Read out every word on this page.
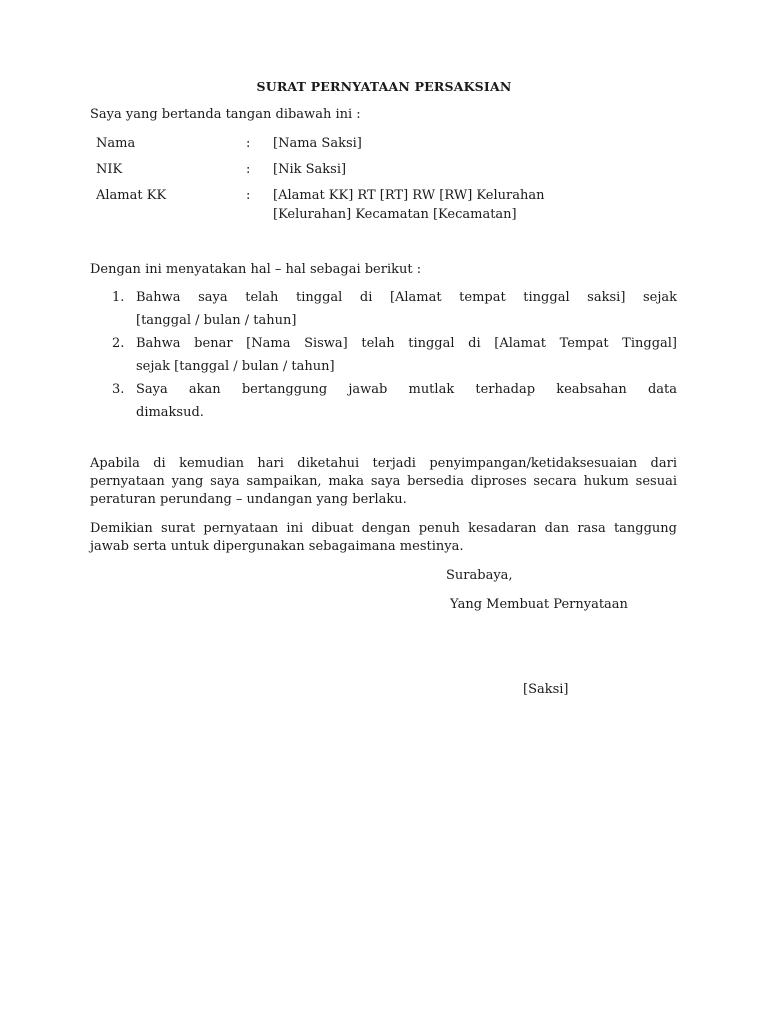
SURAT PERNYATAAN PERSAKSIAN
Saya yang bertanda tangan dibawah ini :
Nama	: [Nama Saksi]
NIK	: [Nik Saksi]
Alamat KK	: [Alamat KK] RT [RT] RW [RW] Kelurahan
[Kelurahan] Kecamatan [Kecamatan]
Dengan ini menyatakan hal – hal sebagai berikut :
1. Bahwa saya telah tinggal di [Alamat tempat tinggal saksi] sejak
[tanggal / bulan / tahun]
2. Bahwa benar [Nama Siswa] telah tinggal di [Alamat Tempat Tinggal]
sejak [tanggal / bulan / tahun]
3. Saya akan bertanggung jawab mutlak terhadap keabsahan data
dimaksud.
Apabila di kemudian hari diketahui terjadi penyimpangan/ketidaksesuaian dari pernyataan yang saya sampaikan, maka saya bersedia diproses secara hukum sesuai peraturan perundang – undangan yang berlaku.
Demikian surat pernyataan ini dibuat dengan penuh kesadaran dan rasa tanggung jawab serta untuk dipergunakan sebagaimana mestinya.
Surabaya,
Yang Membuat Pernyataan
[Saksi]
